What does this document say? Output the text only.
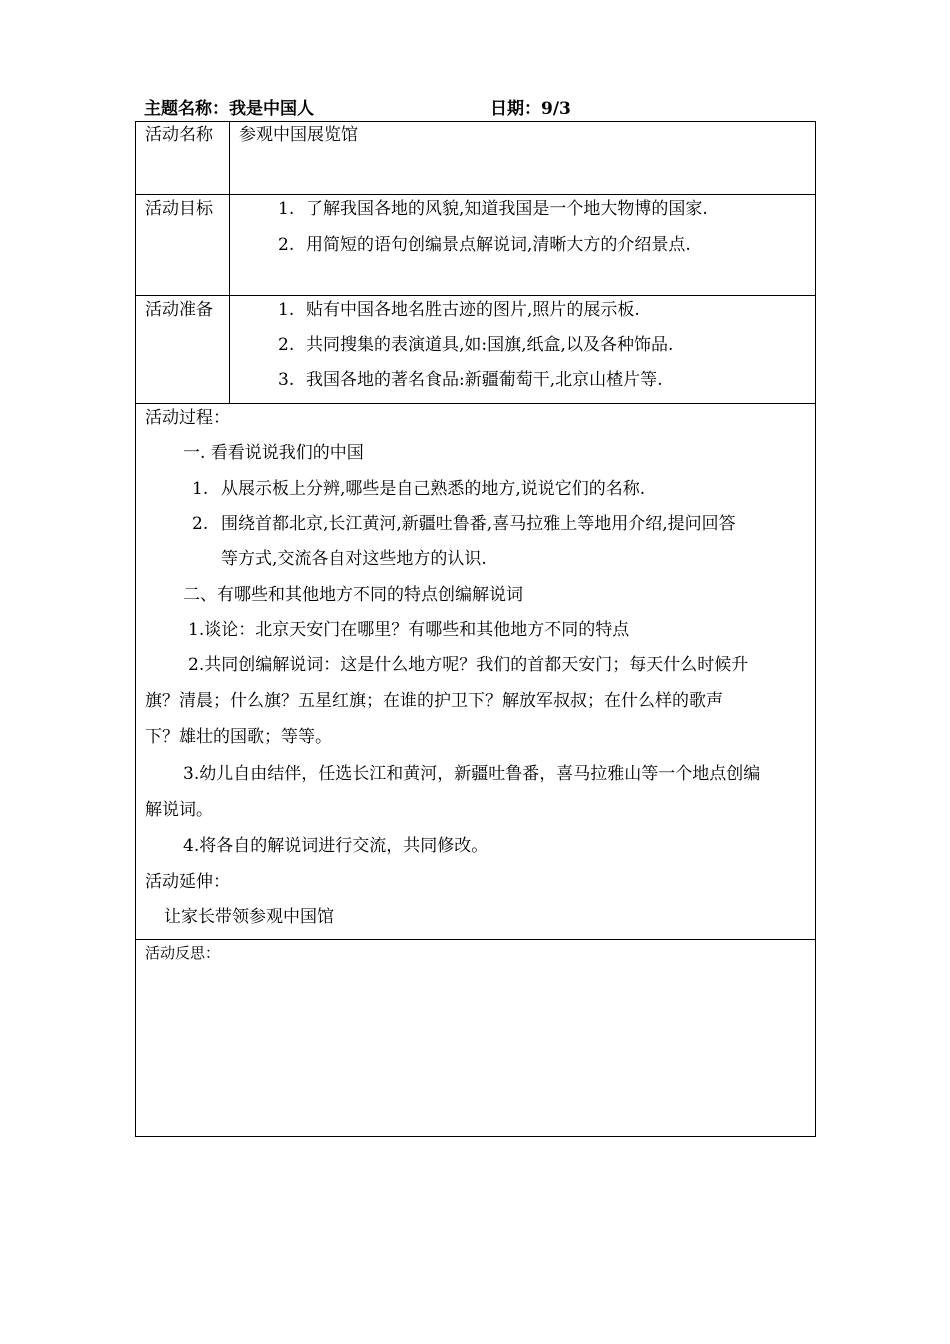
主题名称：我是中国人	日期：9/3
活动名称 参观中国展览馆
活动目标	1. 了解我国各地的风貌,知道我国是一个地大物博的国家.
2. 用简短的语句创编景点解说词,清晰大方的介绍景点.
活动准备	1. 贴有中国各地名胜古迹的图片,照片的展示板.
2. 共同搜集的表演道具,如:国旗,纸盒,以及各种饰品.
3. 我国各地的著名食品:新疆葡萄干,北京山楂片等.
活动过程：
一. 看看说说我们的中国
1. 从展示板上分辨,哪些是自己熟悉的地方,说说它们的名称.
2. 围绕首都北京,长江黄河,新疆吐鲁番,喜马拉雅上等地用介绍,提问回答
等方式,交流各自对这些地方的认识.
二、有哪些和其他地方不同的特点创编解说词
1.谈论：北京天安门在哪里？有哪些和其他地方不同的特点
2.共同创编解说词：这是什么地方呢？我们的首都天安门；每天什么时候升
旗？清晨；什么旗？五星红旗；在谁的护卫下？解放军叔叔；在什么样的歌声
下？雄壮的国歌；等等。
3.幼儿自由结伴，任选长江和黄河，新疆吐鲁番，喜马拉雅山等一个地点创编
解说词。
4.将各自的解说词进行交流，共同修改。
活动延伸：
让家长带领参观中国馆
活动反思：
